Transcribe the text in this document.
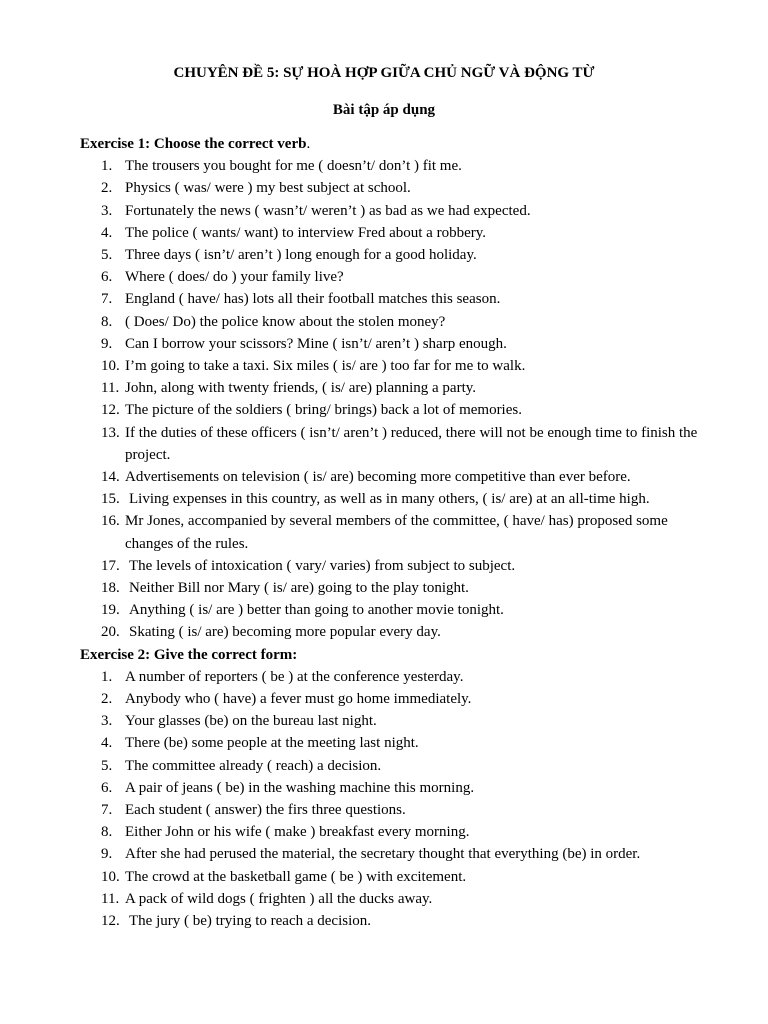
CHUYÊN ĐỀ 5: SỰ HOÀ HỢP GIỮA CHỦ NGỮ VÀ ĐỘNG TỪ
Bài tập áp dụng
Exercise 1: Choose the correct verb.
1. The trousers you bought for me ( doesn’t/ don’t ) fit me.
2. Physics ( was/ were ) my best subject at school.
3. Fortunately the news ( wasn’t/ weren’t ) as bad as we had expected.
4. The police ( wants/ want) to interview Fred about a robbery.
5. Three days ( isn’t/ aren’t ) long enough for a good holiday.
6. Where ( does/ do ) your family live?
7. England ( have/ has) lots all their football matches this season.
8. ( Does/ Do) the police know about the stolen money?
9. Can I borrow your scissors? Mine ( isn’t/ aren’t ) sharp enough.
10. I’m going to take a taxi. Six miles ( is/ are ) too far for me to walk.
11. John, along with twenty friends, ( is/ are) planning a party.
12. The picture of the soldiers ( bring/ brings) back a lot of memories.
13. If the duties of these officers ( isn’t/ aren’t ) reduced, there will not be enough time to finish the project.
14. Advertisements on television ( is/ are) becoming more competitive than ever before.
15. Living expenses in this country, as well as in many others, ( is/ are) at an all-time high.
16. Mr Jones, accompanied by several members of the committee, ( have/ has) proposed some changes of the rules.
17. The levels of intoxication ( vary/ varies) from subject to subject.
18. Neither Bill nor Mary ( is/ are) going to the play tonight.
19. Anything ( is/ are ) better than going to another movie tonight.
20. Skating ( is/ are) becoming more popular every day.
Exercise 2: Give the correct form:
1. A number of reporters ( be ) at the conference yesterday.
2. Anybody who ( have) a fever must go home immediately.
3. Your glasses (be) on the bureau last night.
4. There (be) some people at the meeting last night.
5. The committee already ( reach) a decision.
6. A pair of jeans ( be) in the washing machine this morning.
7. Each student ( answer) the firs three questions.
8. Either John or his wife ( make ) breakfast every morning.
9. After she had perused the material, the secretary thought that everything (be) in order.
10. The crowd at the basketball game ( be ) with excitement.
11. A pack of wild dogs ( frighten ) all the ducks away.
12. The jury ( be) trying to reach a decision.
